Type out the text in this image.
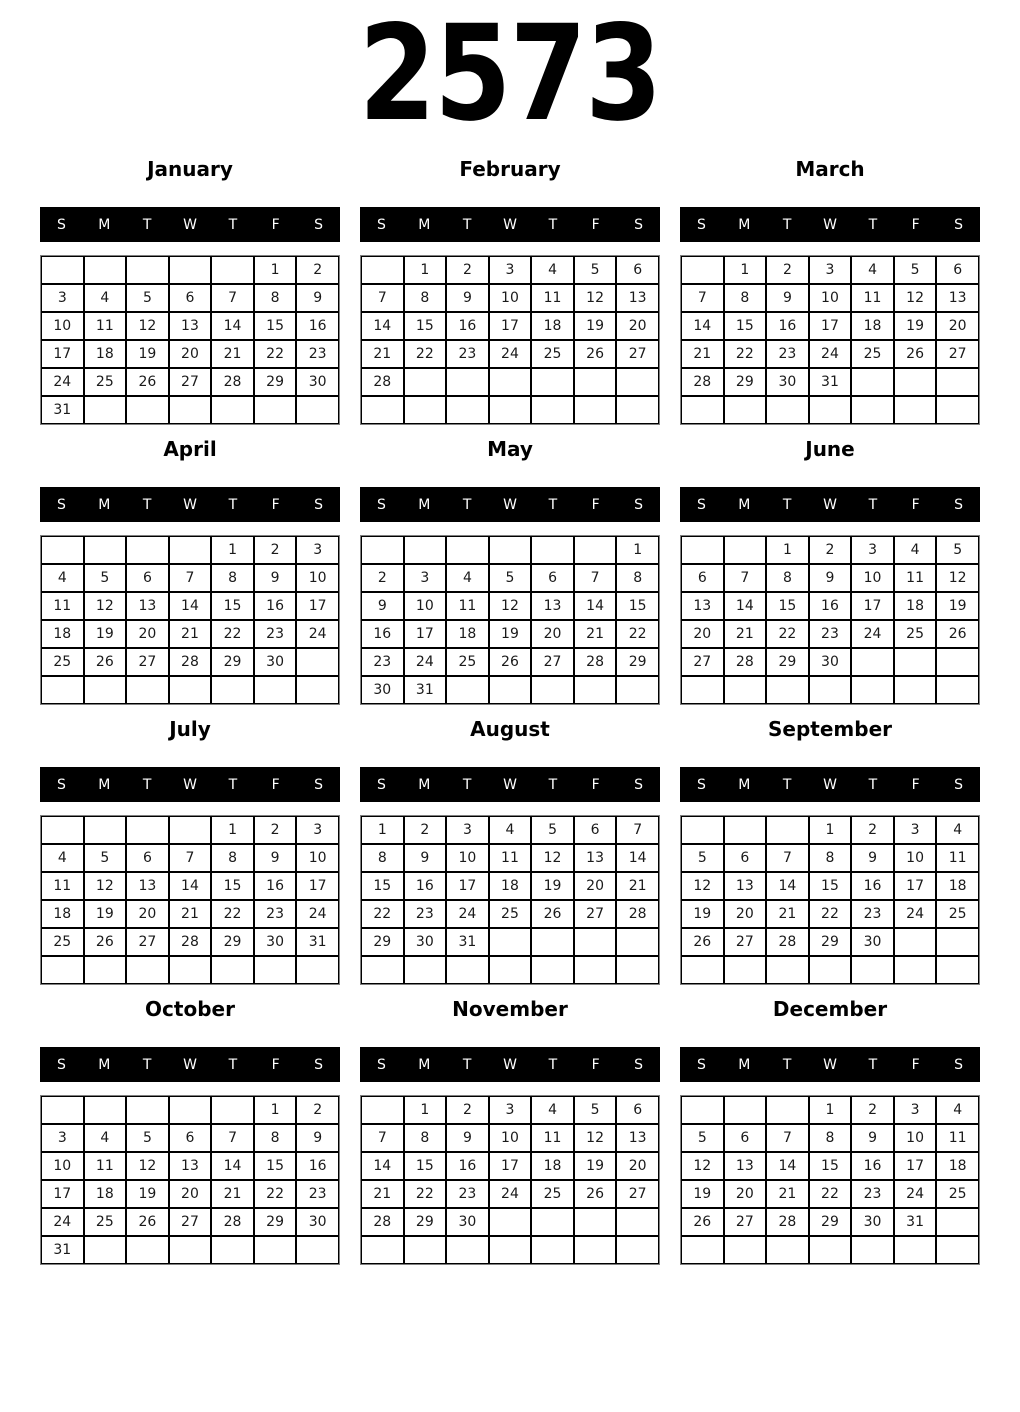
2573
January
S	M	T	W	T	F	S
					1	2
3	4	5	6	7	8	9
10	11	12	13	14	15	16
17	18	19	20	21	22	23
24	25	26	27	28	29	30
31						
February
S	M	T	W	T	F	S
	1	2	3	4	5	6
7	8	9	10	11	12	13
14	15	16	17	18	19	20
21	22	23	24	25	26	27
28						

March
S	M	T	W	T	F	S
	1	2	3	4	5	6
7	8	9	10	11	12	13
14	15	16	17	18	19	20
21	22	23	24	25	26	27
28	29	30	31			

April
S	M	T	W	T	F	S
				1	2	3
4	5	6	7	8	9	10
11	12	13	14	15	16	17
18	19	20	21	22	23	24
25	26	27	28	29	30	

May
S	M	T	W	T	F	S
						1
2	3	4	5	6	7	8
9	10	11	12	13	14	15
16	17	18	19	20	21	22
23	24	25	26	27	28	29
30	31					
June
S	M	T	W	T	F	S
		1	2	3	4	5
6	7	8	9	10	11	12
13	14	15	16	17	18	19
20	21	22	23	24	25	26
27	28	29	30			

July
S	M	T	W	T	F	S
				1	2	3
4	5	6	7	8	9	10
11	12	13	14	15	16	17
18	19	20	21	22	23	24
25	26	27	28	29	30	31

August
S	M	T	W	T	F	S
1	2	3	4	5	6	7
8	9	10	11	12	13	14
15	16	17	18	19	20	21
22	23	24	25	26	27	28
29	30	31				

September
S	M	T	W	T	F	S
			1	2	3	4
5	6	7	8	9	10	11
12	13	14	15	16	17	18
19	20	21	22	23	24	25
26	27	28	29	30		

October
S	M	T	W	T	F	S
					1	2
3	4	5	6	7	8	9
10	11	12	13	14	15	16
17	18	19	20	21	22	23
24	25	26	27	28	29	30
31						
November
S	M	T	W	T	F	S
	1	2	3	4	5	6
7	8	9	10	11	12	13
14	15	16	17	18	19	20
21	22	23	24	25	26	27
28	29	30				

December
S	M	T	W	T	F	S
			1	2	3	4
5	6	7	8	9	10	11
12	13	14	15	16	17	18
19	20	21	22	23	24	25
26	27	28	29	30	31	
